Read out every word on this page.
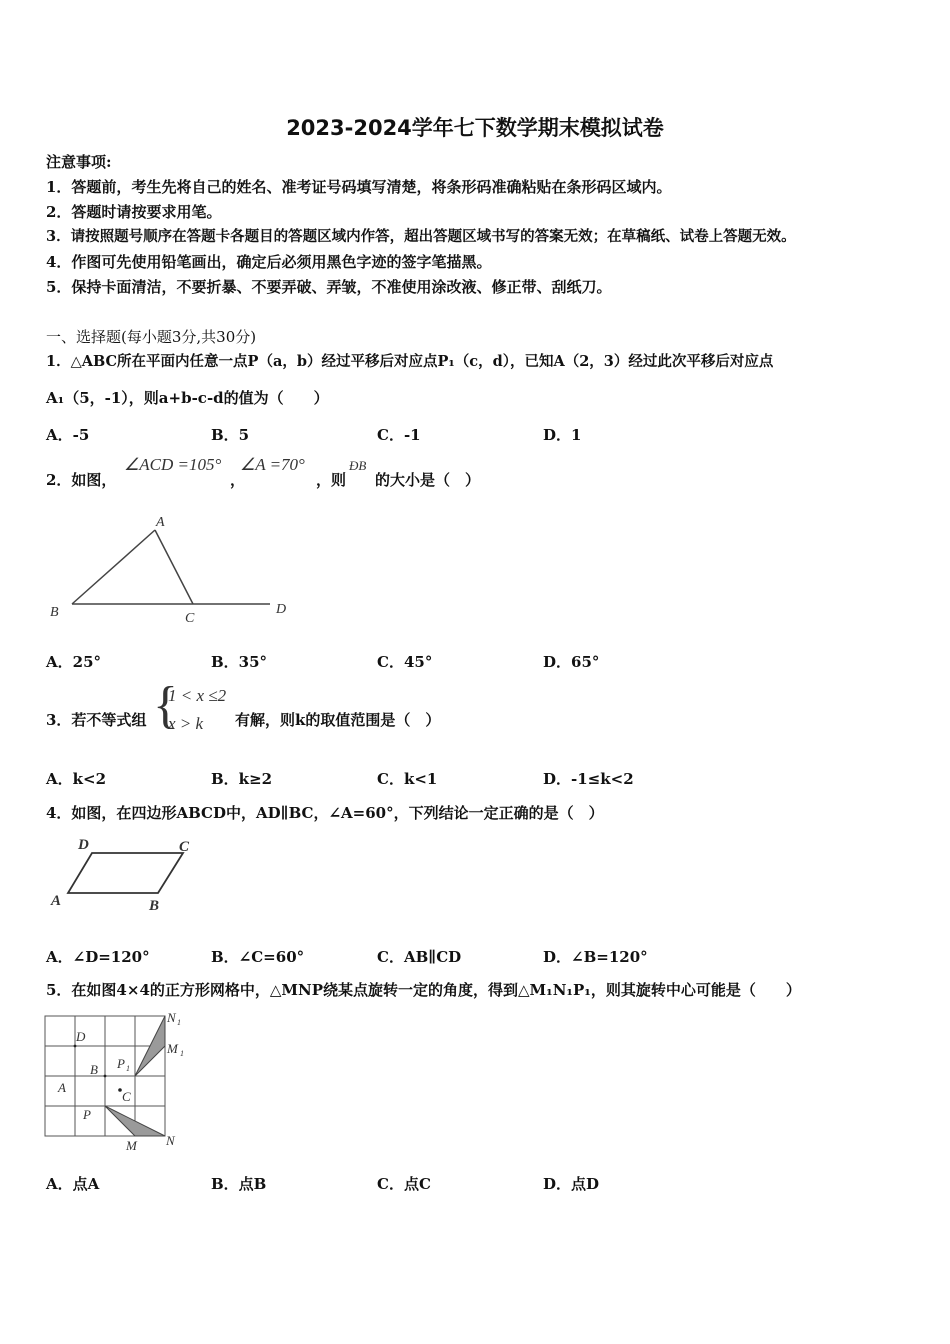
2023-2024学年七下数学期末模拟试卷
注意事项:
1．答题前，考生先将自己的姓名、准考证号码填写清楚，将条形码准确粘贴在条形码区域内。
2．答题时请按要求用笔。
3．请按照题号顺序在答题卡各题目的答题区域内作答，超出答题区域书写的答案无效；在草稿纸、试卷上答题无效。
4．作图可先使用铅笔画出，确定后必须用黑色字迹的签字笔描黑。
5．保持卡面清洁，不要折暴、不要弄破、弄皱，不准使用涂改液、修正带、刮纸刀。
一、选择题(每小题3分,共30分)
1．△ABC所在平面内任意一点P（a，b）经过平移后对应点P₁（c，d），已知A（2，3）经过此次平移后对应点
A₁（5，-1），则a+b-c-d的值为（　　）
A．-5	B．5	C．-1	D．1
2．如图，
∠ACD =105°
，
∠A =70°
，则
ÐB
的大小是（　）
A
B	C
D
A．25°	B．35°	C．45°	D．65°
3．若不等式组 {
1 < x ≤2
x > k 有解，则k的取值范围是（　）
A．k<2	B．k≥2	C．k<1	D．-1≤k<2
4．如图，在四边形ABCD中，AD∥BC，∠A=60°，下列结论一定正确的是（　）
D	C
A	B
A．∠D=120°	B．∠C=60°	C．AB∥CD	D．∠B=120°
5．在如图4×4的正方形网格中，△MNP绕某点旋转一定的角度，得到△M₁N₁P₁，则其旋转中心可能是（　　）
D
B P 1
A
C
P
M N
N 1
M 1
A．点A	B．点B	C．点C	D．点D
